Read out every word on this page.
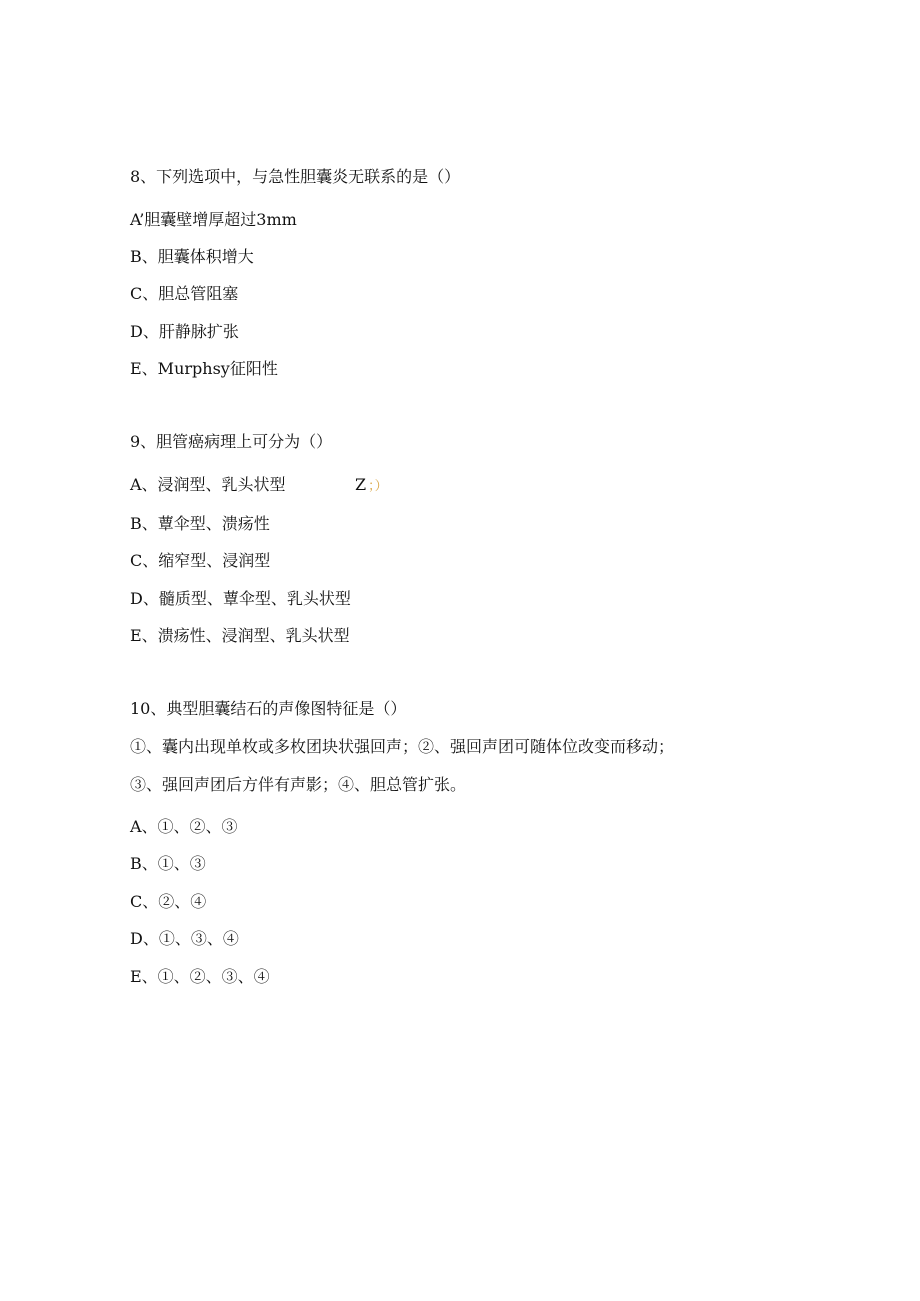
8、下列选项中，与急性胆囊炎无联系的是（）
A’胆囊壁增厚超过3mm
B、胆囊体积增大
C、胆总管阻塞
D、肝静脉扩张
E、Murphsy征阳性
9、胆管癌病理上可分为（）
A、浸润型、乳头状型	Z ；）
B、蕈伞型、溃疡性
C、缩窄型、浸润型
D、髓质型、蕈伞型、乳头状型
E、溃疡性、浸润型、乳头状型
10、典型胆囊结石的声像图特征是（）
①、囊内出现单枚或多枚团块状强回声；②、强回声团可随体位改变而移动；
③、强回声团后方伴有声影；④、胆总管扩张。
A、①、②、③
B、①、③
C、②、④
D、①、③、④
E、①、②、③、④
